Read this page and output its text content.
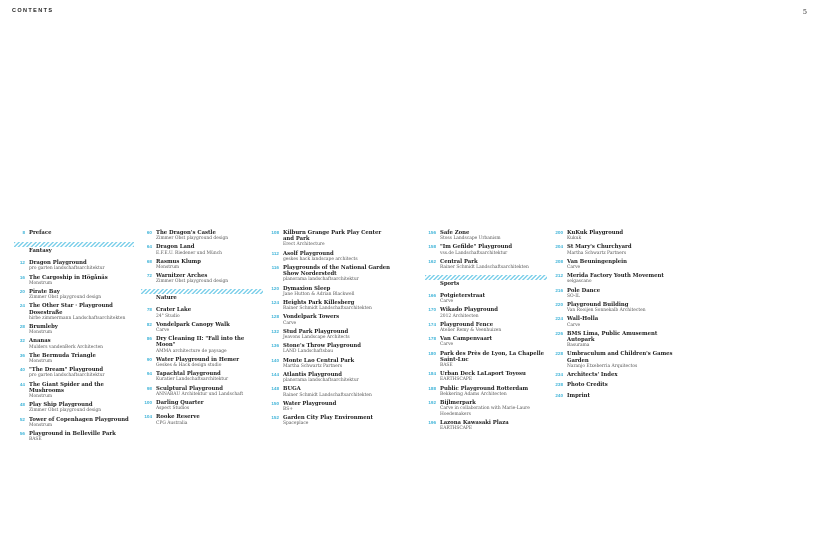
CONTENTS	5
8 Preface
Fantasy
12 Dragon Playground
pro garten landschaftsarchitektur
16 The Cargoship in Högånäs
Monstrum
20 Pirate Bay
Zimmer Obst playground design
24 The Other Star · Playground Dosestraße
hirbe zimmermann Landschaftsarchitekten
28 Brumleby
Monstrum
32 Ananas
Mulders vandenBerk Architecten
36 The Bermuda Triangle
Monstrum
40 "The Dream" Playground
pro garten landschaftsarchitektur
44 The Giant Spider and the Mushrooms
Monstrum
48 Play Ship Playground
Zimmer Obst playground design
52 Tower of Copenhagen Playground
Monstrum
56 Playground in Belleville Park
BASE
60 The Dragon's Castle
Zimmer Obst playground design
64 Dragon Land
E.F.E.U. Riedener und Münch
68 Rasmus Klump
Monstrum
72 Warnitzer Arches
Zimmer Obst playground design
Nature
78 Crater Lake
24° Studio
82 Vondelpark Canopy Walk
Carve
86 Dry Cleaning II: "Fall into the Moon"
AMMA architecture de paysage
90 Water Playground in Hemer
Geskes & Hack design studio
94 Tapachtal Playground
Kuratier Landschaftsarchitektur
98 Sculptural Playground
ANNABAU Architektur und Landschaft
100 Darling Quarter
Aspect Studios
104 Rooke Reserve
CPG Australia
108 Kilburn Grange Park Play Center and Park
Erect Architecture
112 Asolf Playground
geskes hack landscape architects
116 Playgrounds of the National Garden Show Norderstedt
planorama landschaftsarchitektur
120 Dymaxion Sleep
Jane Hutton & Adrian Blackwell
124 Heights Park Killesberg
Rainer Schmidt Landschaftsarchitekten
128 Vondelpark Towers
Carve
132 Stud Park Playground
Jeavons Landscape Architects
136 Stone's Throw Playground
LAND Landschaftsbau
140 Monte Lao Central Park
Martha Schwartz Partners
144 Atlantis Playground
planorama landschaftsarchitektur
148 BUGA
Rainer Schmidt Landschaftsarchitekten
150 Water Playground
BS+
152 Garden City Play Environment
Spaceplace
156 Safe Zone
Stoss Landscape Urbanism
158 "Im Gefilde" Playground
vss.de Landschaftsarchitektur
162 Central Park
Rainer Schmidt Landschaftsarchitekten
Sports
166 Potgieterstraat
Carve
170 Wikado Playground
2012 Architecten
174 Playground Fence
Atelier Remy & Veenhuizen
178 Van Campenvaart
Carve
180 Park des Près de Lyon, La Chapelle Saint-Luc
BASE
184 Urban Deck LaLaport Toyosu
EARTHSCAPE
188 Public Playground Rotterdam
Bekkering Adams Architecten
192 Bijlmerpark
Carve in collaboration with Marie-Laure Hoedemakers
196 Lazona Kawasaki Plaza
EARTHSCAPE
200 KuKuk Playground
Kukuk
204 St Mary's Churchyard
Martha Schwartz Partners
208 Van Beuningenplein
Carve
212 Merida Factory Youth Movement
selgascano
216 Pole Dance
SO-IL
220 Playground Building
Van Rooijen Sonnekalb Architecten
224 Wall-Holla
Carve
226 BMS Lima, Public Amusement Autopark
Basurama
228 Umbraculum and Children's Games Garden
Naranjo Etxeberria Arquitectos
234 Architects' Index
238 Photo Credits
240 Imprint
